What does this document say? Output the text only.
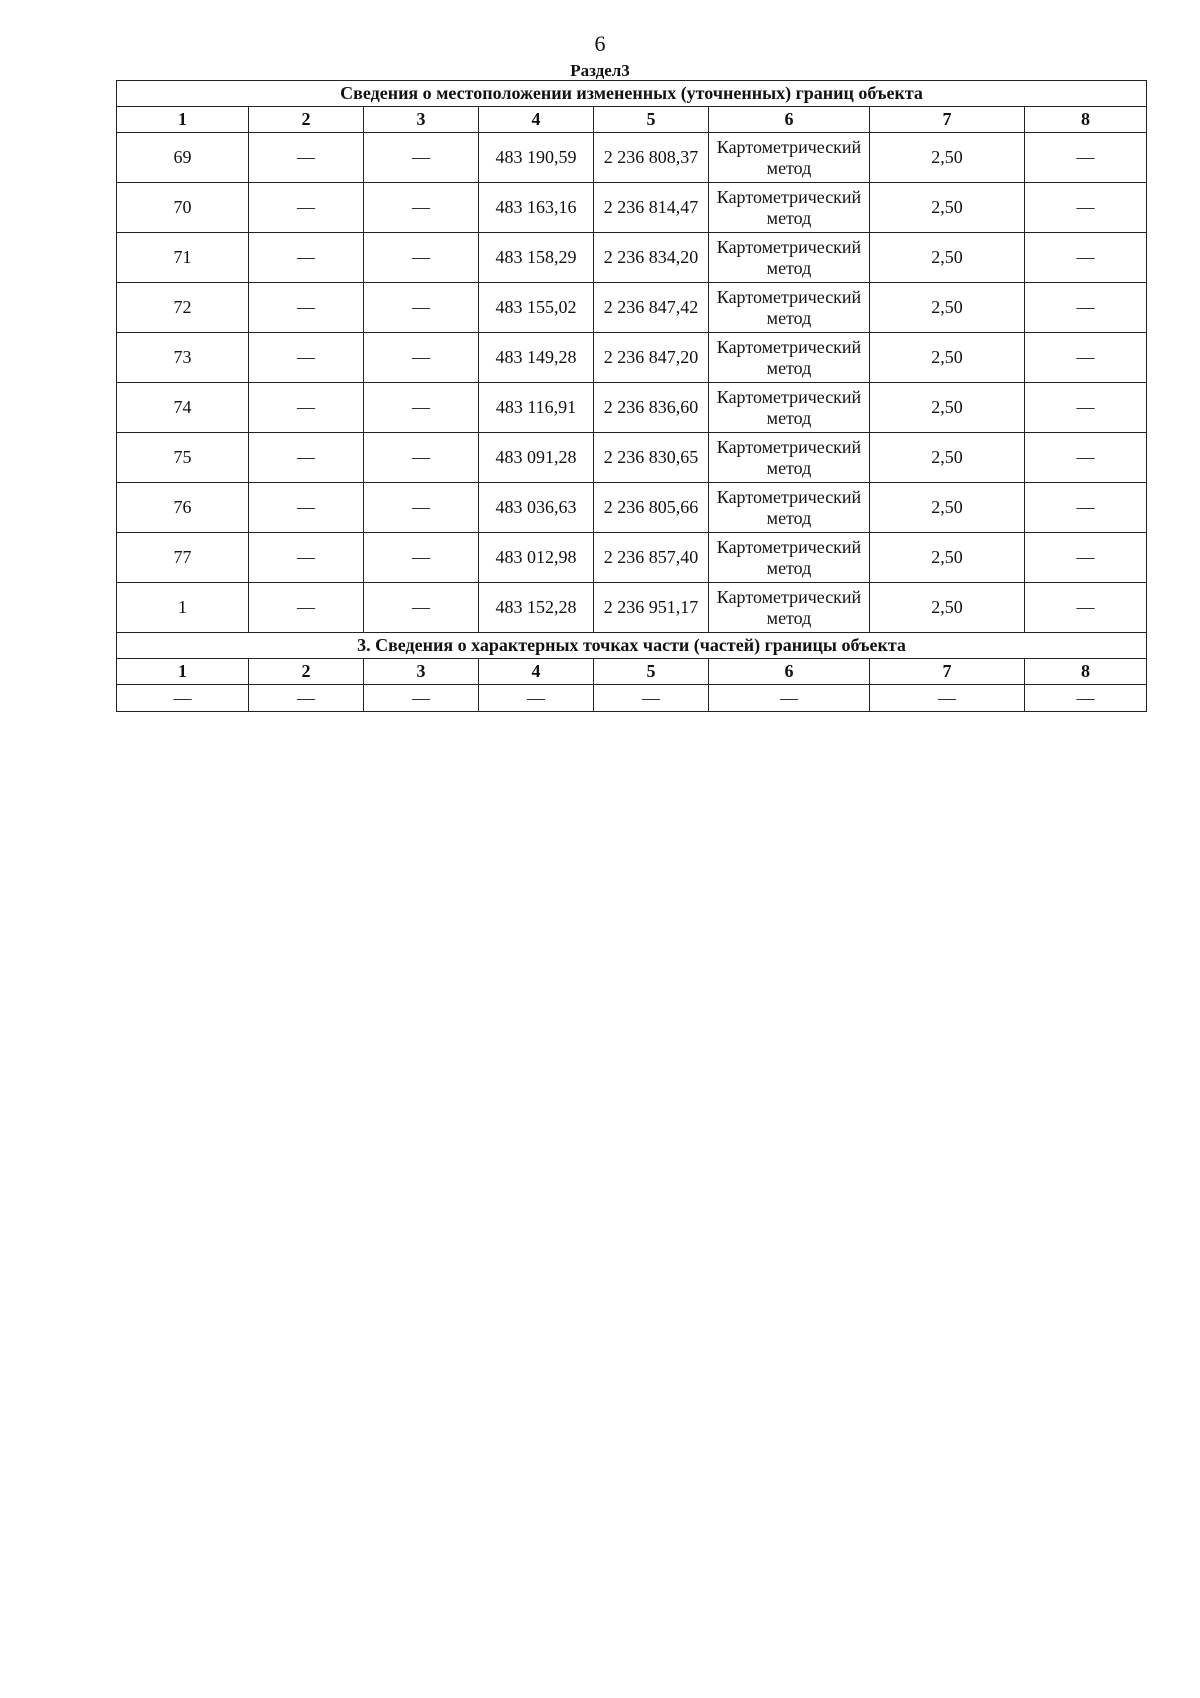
6
Раздел3
Сведения о местоположении измененных (уточненных) границ объекта							
1	2	3	4	5	6	7	8
69	—	—	483 190,59	2 236 808,37	Картометрический метод	2,50	—
70	—	—	483 163,16	2 236 814,47	Картометрический метод	2,50	—
71	—	—	483 158,29	2 236 834,20	Картометрический метод	2,50	—
72	—	—	483 155,02	2 236 847,42	Картометрический метод	2,50	—
73	—	—	483 149,28	2 236 847,20	Картометрический метод	2,50	—
74	—	—	483 116,91	2 236 836,60	Картометрический метод	2,50	—
75	—	—	483 091,28	2 236 830,65	Картометрический метод	2,50	—
76	—	—	483 036,63	2 236 805,66	Картометрический метод	2,50	—
77	—	—	483 012,98	2 236 857,40	Картометрический метод	2,50	—
1	—	—	483 152,28	2 236 951,17	Картометрический метод	2,50	—
3. Сведения о характерных точках части (частей) границы объекта							
1	2	3	4	5	6	7	8
—	—	—	—	—	—	—	—
